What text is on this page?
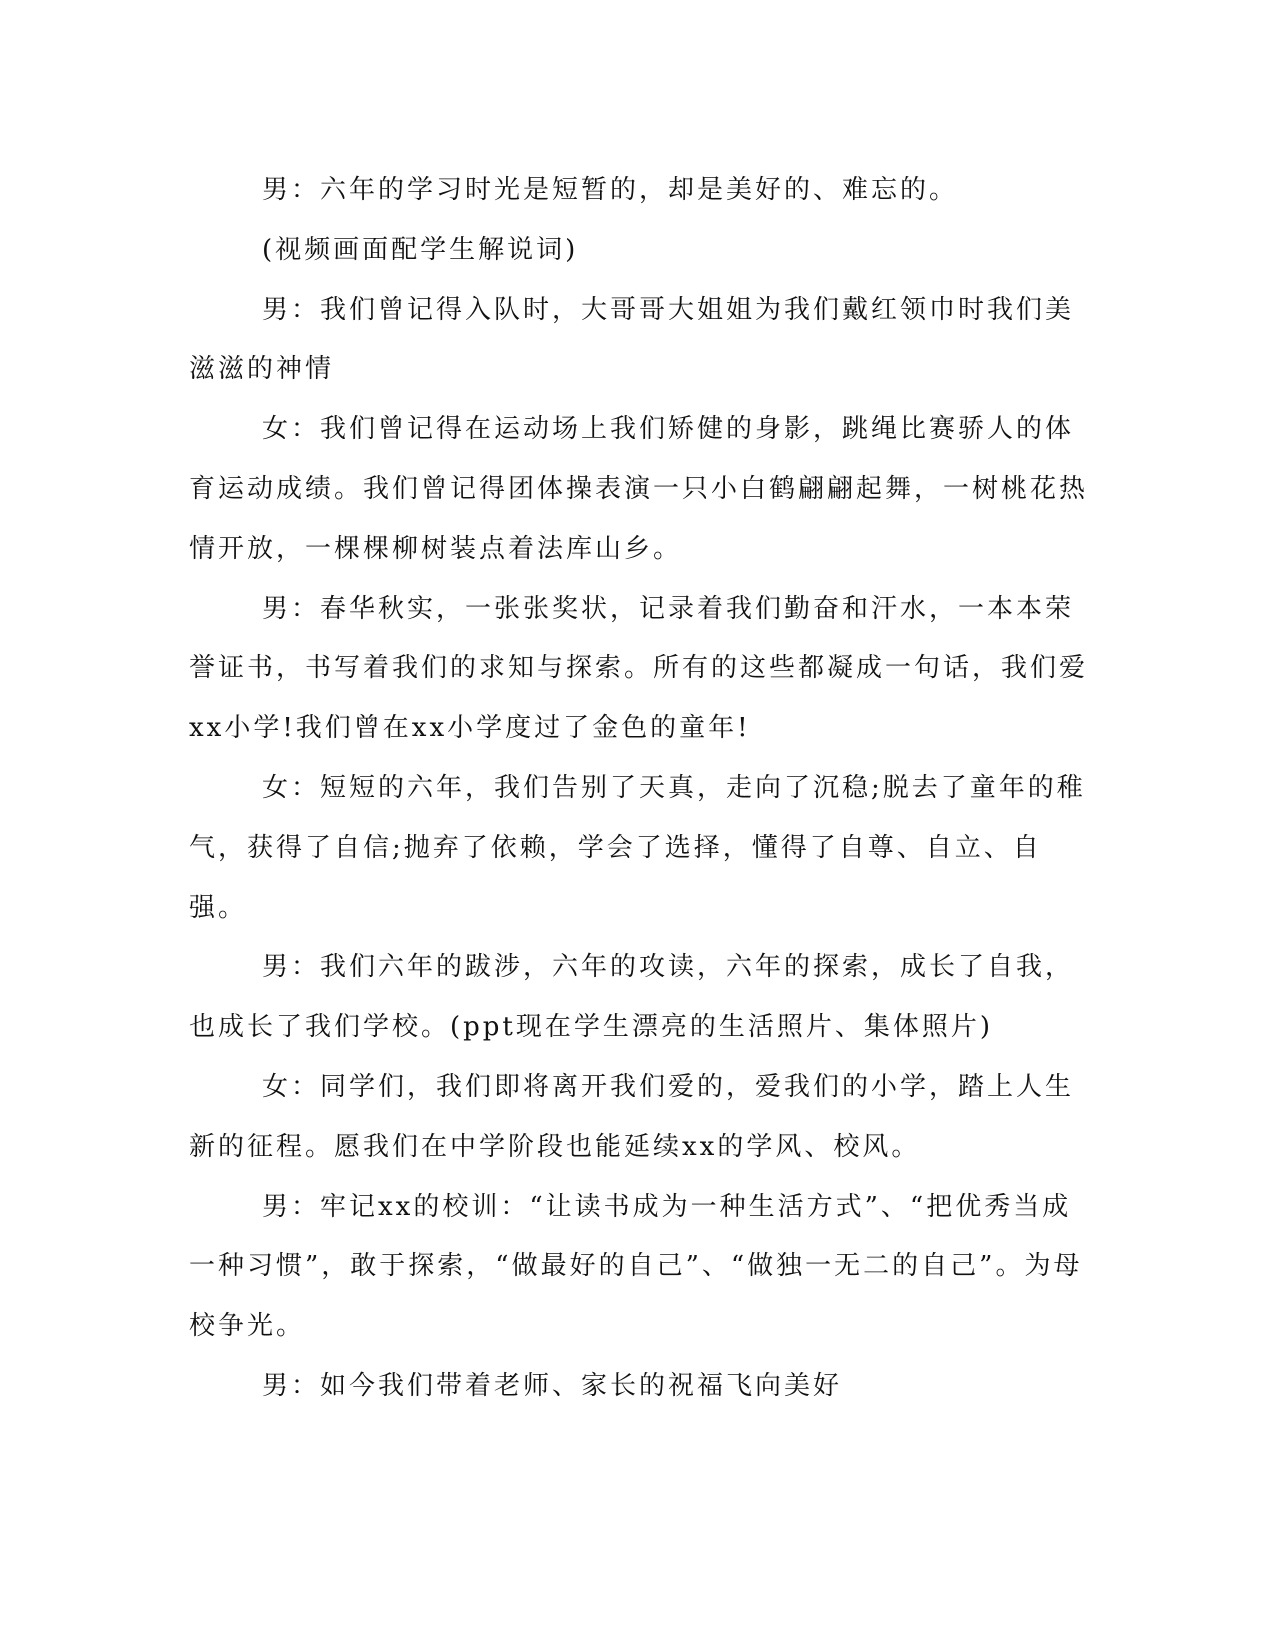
男：六年的学习时光是短暂的，却是美好的、难忘的。

(视频画面配学生解说词)

男：我们曾记得入队时，大哥哥大姐姐为我们戴红领巾时我们美滋滋的神情

女：我们曾记得在运动场上我们矫健的身影，跳绳比赛骄人的体育运动成绩。我们曾记得团体操表演一只小白鹤翩翩起舞，一树桃花热情开放，一棵棵柳树装点着法库山乡。

男：春华秋实，一张张奖状，记录着我们勤奋和汗水，一本本荣誉证书，书写着我们的求知与探索。所有的这些都凝成一句话，我们爱xx小学!我们曾在xx小学度过了金色的童年!

女：短短的六年，我们告别了天真，走向了沉稳;脱去了童年的稚气，获得了自信;抛弃了依赖，学会了选择，懂得了自尊、自立、自强。

男：我们六年的跋涉，六年的攻读，六年的探索，成长了自我，也成长了我们学校。(ppt现在学生漂亮的生活照片、集体照片)

女：同学们，我们即将离开我们爱的，爱我们的小学，踏上人生新的征程。愿我们在中学阶段也能延续xx的学风、校风。

男：牢记xx的校训：“让读书成为一种生活方式”、“把优秀当成一种习惯”，敢于探索，“做最好的自己”、“做独一无二的自己”。为母校争光。

男：如今我们带着老师、家长的祝福飞向美好
